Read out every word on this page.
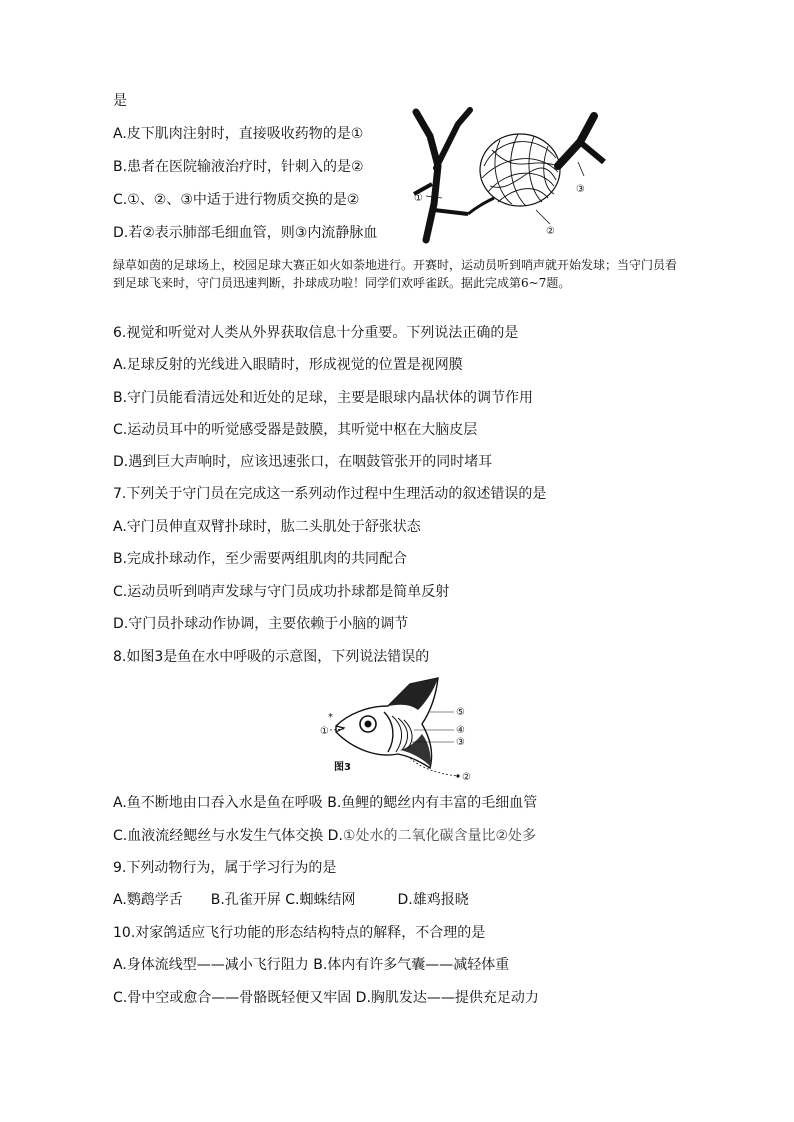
是
A.皮下肌肉注射时，直接吸收药物的是①
B.患者在医院输液治疗时，针刺入的是②
C.①、②、③中适于进行物质交换的是②
D.若②表示肺部毛细血管，则③内流静脉血
①
②
③
绿草如茵的足球场上，校园足球大赛正如火如荼地进行。开赛时，运动员听到哨声就开始发球；当守门员看到足球飞来时，守门员迅速判断，扑球成功啦！同学们欢呼雀跃。据此完成第6~7题。
6.视觉和听觉对人类从外界获取信息十分重要。下列说法正确的是
A.足球反射的光线进入眼睛时，形成视觉的位置是视网膜
B.守门员能看清远处和近处的足球，主要是眼球内晶状体的调节作用
C.运动员耳中的听觉感受器是鼓膜，其听觉中枢在大脑皮层
D.遇到巨大声响时，应该迅速张口，在咽鼓管张开的同时堵耳
7.下列关于守门员在完成这一系列动作过程中生理活动的叙述错误的是
A.守门员伸直双臂扑球时，肱二头肌处于舒张状态
B.完成扑球动作，至少需要两组肌肉的共同配合
C.运动员听到哨声发球与守门员成功扑球都是简单反射
D.守门员扑球动作协调，主要依赖于小脑的调节
8.如图3是鱼在水中呼吸的示意图，下列说法错误的
*
①
②
③
④
⑤
图3
A.鱼不断地由口吞入水是鱼在呼吸 B.鱼鲤的鳃丝内有丰富的毛细血管
C.血液流经鳃丝与水发生气体交换 D.①处水的二氧化碳含量比②处多
9.下列动物行为，属于学习行为的是
A.鹦鹉学舌　　B.孔雀开屏 C.蜘蛛结网　　　D.雄鸡报晓
10.对家鸽适应飞行功能的形态结构特点的解释，不合理的是
A.身体流线型——减小飞行阻力 B.体内有许多气囊——减轻体重
C.骨中空或愈合——骨骼既轻便又牢固 D.胸肌发达——提供充足动力
